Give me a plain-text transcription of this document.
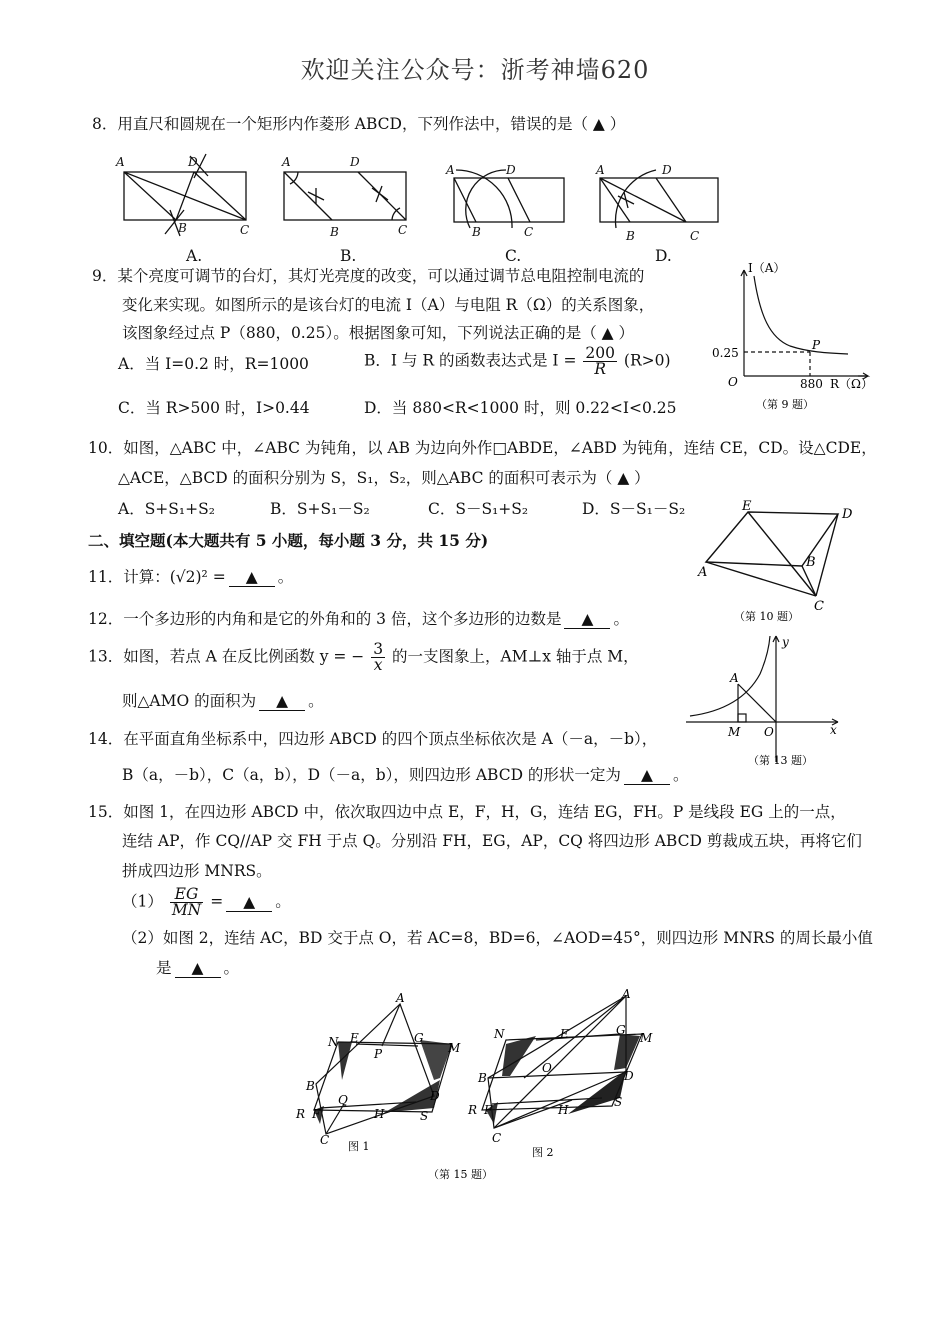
欢迎关注公众号：浙考神墙620
8．用直尺和圆规在一个矩形内作菱形 ABCD，下列作法中，错误的是（ ▲ ）
A	D
B	C
A	D
B	C
A	D
B	C
A	D
B	C
A.	B.	C.	D.
9．某个亮度可调节的台灯，其灯光亮度的改变，可以通过调节总电阻控制电流的
变化来实现。如图所示的是该台灯的电流 I（A）与电阻 R（Ω）的关系图象，
该图象经过点 P（880，0.25）。根据图象可知，下列说法正确的是（ ▲ ）
A．当 I=0.2 时，R=1000	B．I 与 R 的函数表达式是 $I = \frac{200}{R} (R>0)$
C．当 R>500 时，I>0.44	D．当 880<R<1000 时，则 0.22<I<0.25
I（A）
R（Ω）
0.25
880
O
P
（第 9 题）
10．如图，△ABC 中，∠ABC 为钝角，以 AB 为边向外作□ABDE，∠ABD 为钝角，连结 CE，CD。设△CDE，
△ACE，△BCD 的面积分别为 S，S₁，S₂，则△ABC 的面积可表示为（ ▲ ）
A．S+S₁+S₂	B．S+S₁－S₂	C．S－S₁+S₂	D．S－S₁－S₂
A
E
D
B
C
（第 10 题）
二、填空题(本大题共有 5 小题，每小题 3 分，共 15 分)
11．计算：(√2)² = ▲ 。
12．一个多边形的内角和是它的外角和的 3 倍，这个多边形的边数是 ▲ 。
13．如图，若点 A 在反比例函数 y = − $\frac{3}{x}$ 的一支图象上，AM⊥x 轴于点 M，
则△AMO 的面积为 ▲ 。
A
M O	x
y
（第 13 题）
14．在平面直角坐标系中，四边形 ABCD 的四个顶点坐标依次是 A（－a，－b），
B（a，－b），C（a，b），D（－a，b），则四边形 ABCD 的形状一定为 ▲ 。
15．如图 1，在四边形 ABCD 中，依次取四边中点 E，F，H，G，连结 EG，FH。P 是线段 EG 上的一点，
连结 AP，作 CQ//AP 交 FH 于点 Q。分别沿 FH，EG，AP，CQ 将四边形 ABCD 剪裁成五块，再将它们
拼成四边形 MNRS。
$(1) \frac{EG}{MN}$ = ▲ 。
（2）如图 2，连结 AC，BD 交于点 O，若 AC=8，BD=6，∠AOD=45°，则四边形 MNRS 的周长最小值
是 ▲ 。
A
N E
P
G
M
B
Q	D
R F	H	S
C 图 1
A
N	E	G
M
B
O
D
R F	H
S
C
图 2
（第 15 题）
